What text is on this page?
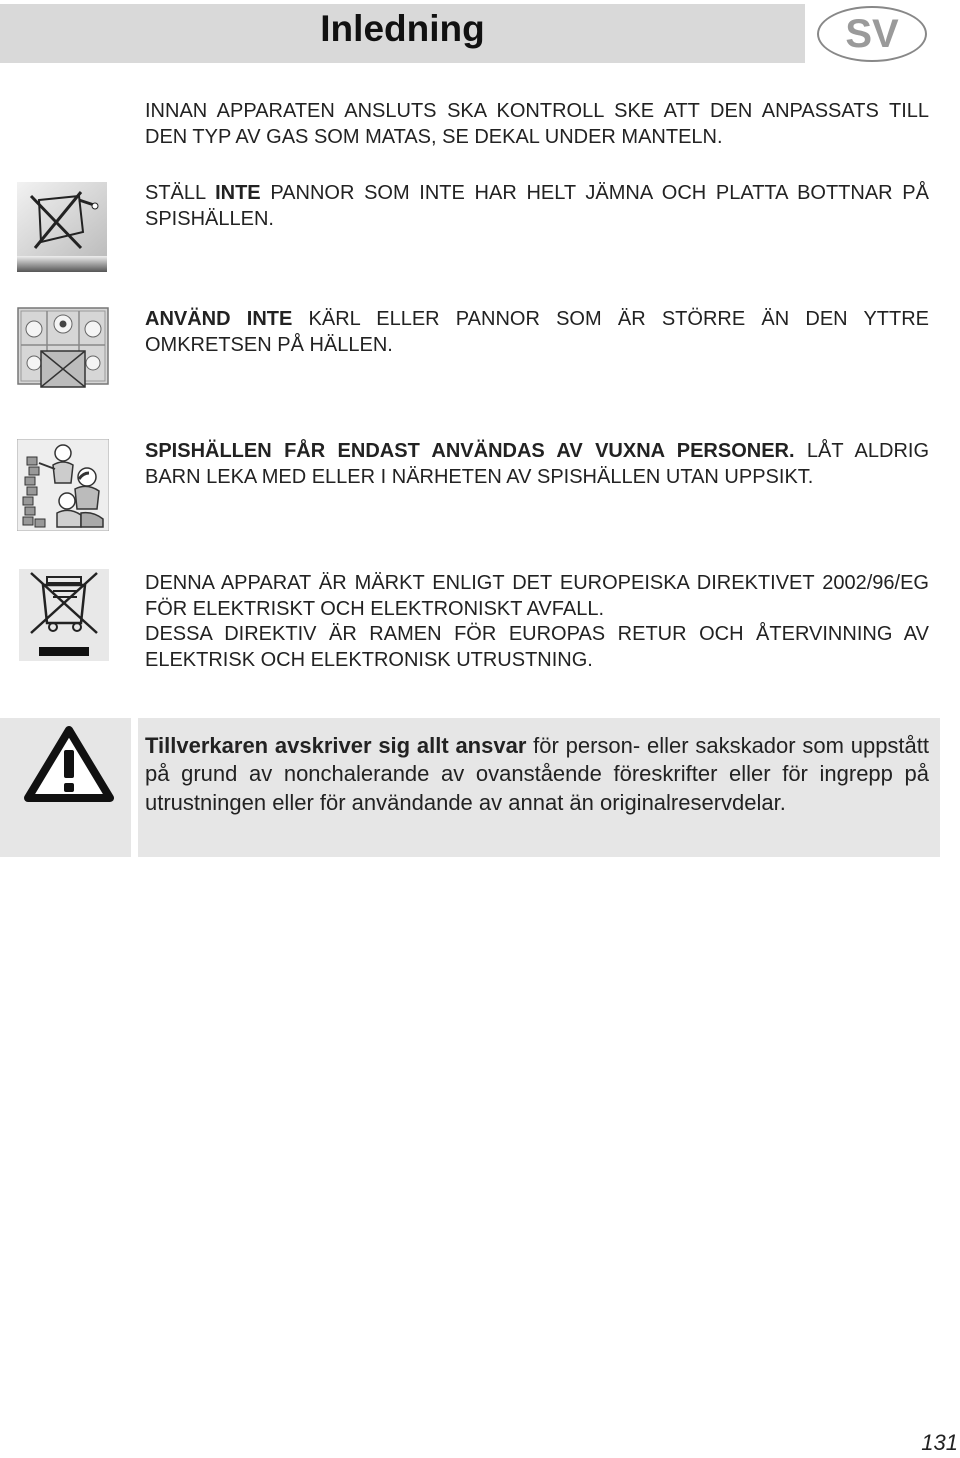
Inledning	SV

INNAN APPARATEN ANSLUTS SKA KONTROLL SKE ATT DEN ANPASSATS TILL DEN TYP AV GAS SOM MATAS, SE DEKAL UNDER MANTELN.

STÄLL INTE PANNOR SOM INTE HAR HELT JÄMNA OCH PLATTA BOTTNAR PÅ SPISHÄLLEN.

ANVÄND INTE KÄRL ELLER PANNOR SOM ÄR STÖRRE ÄN DEN YTTRE OMKRETSEN PÅ HÄLLEN.

SPISHÄLLEN FÅR ENDAST ANVÄNDAS AV VUXNA PERSONER. LÅT ALDRIG BARN LEKA MED ELLER I NÄRHETEN AV SPISHÄLLEN UTAN UPPSIKT.

DENNA APPARAT ÄR MÄRKT ENLIGT DET EUROPEISKA DIREKTIVET 2002/96/EG FÖR ELEKTRISKT OCH ELEKTRONISKT AVFALL.
DESSA DIREKTIV ÄR RAMEN FÖR EUROPAS RETUR OCH ÅTERVINNING AV ELEKTRISK OCH ELEKTRONISK UTRUSTNING.

Tillverkaren avskriver sig allt ansvar för person- eller sakskador som uppstått på grund av nonchalerande av ovanstående föreskrifter eller för ingrepp på utrustningen eller för användande av annat än originalreservdelar.

131
